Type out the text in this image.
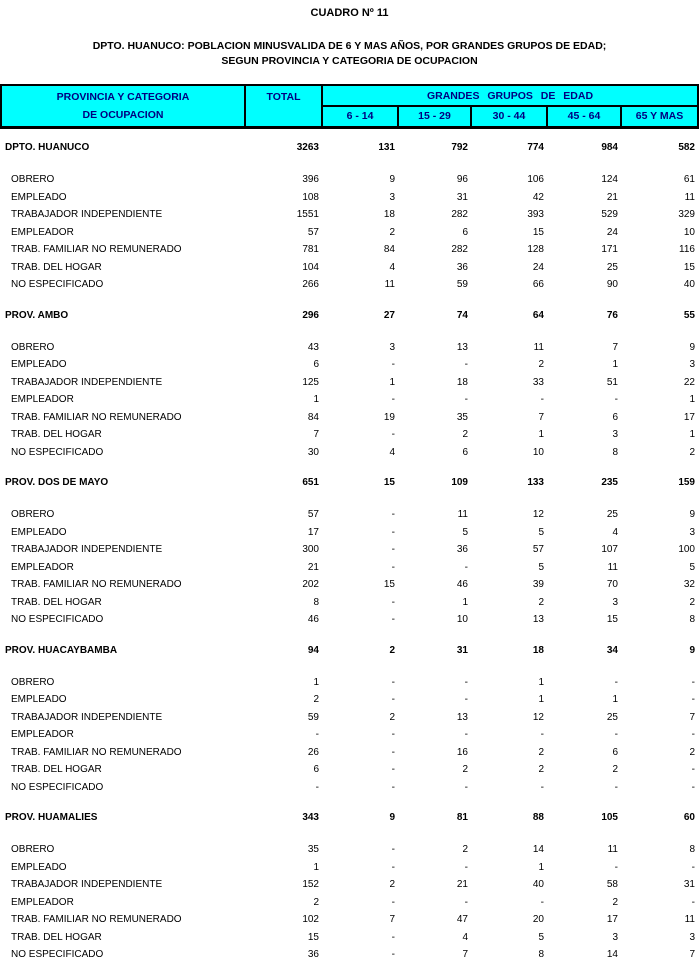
CUADRO Nº 11
DPTO. HUANUCO: POBLACION MINUSVALIDA DE 6 Y MAS AÑOS, POR GRANDES GRUPOS DE EDAD;
SEGUN PROVINCIA Y CATEGORIA DE OCUPACION
PROVINCIA Y CATEGORIA
DE OCUPACION
TOTAL	GRANDES GRUPOS DE EDAD
6 - 14	15 - 29	30 - 44	45 - 64	65 Y MAS
DPTO. HUANUCO	3263	131	792	774	984	582
OBRERO	396	9	96	106	124	61
EMPLEADO	108	3	31	42	21	11
TRABAJADOR INDEPENDIENTE	1551	18	282	393	529	329
EMPLEADOR	57	2	6	15	24	10
TRAB. FAMILIAR NO REMUNERADO	781	84	282	128	171	116
TRAB. DEL HOGAR	104	4	36	24	25	15
NO ESPECIFICADO	266	11	59	66	90	40
PROV. AMBO	296	27	74	64	76	55
OBRERO	43	3	13	11	7	9
EMPLEADO	6	-	-	2	1	3
TRABAJADOR INDEPENDIENTE	125	1	18	33	51	22
EMPLEADOR	1	-	-	-	-	1
TRAB. FAMILIAR NO REMUNERADO	84	19	35	7	6	17
TRAB. DEL HOGAR	7	-	2	1	3	1
NO ESPECIFICADO	30	4	6	10	8	2
PROV. DOS DE MAYO	651	15	109	133	235	159
OBRERO	57	-	11	12	25	9
EMPLEADO	17	-	5	5	4	3
TRABAJADOR INDEPENDIENTE	300	-	36	57	107	100
EMPLEADOR	21	-	-	5	11	5
TRAB. FAMILIAR NO REMUNERADO	202	15	46	39	70	32
TRAB. DEL HOGAR	8	-	1	2	3	2
NO ESPECIFICADO	46	-	10	13	15	8
PROV. HUACAYBAMBA	94	2	31	18	34	9
OBRERO	1	-	-	1	-	-
EMPLEADO	2	-	-	1	1	-
TRABAJADOR INDEPENDIENTE	59	2	13	12	25	7
EMPLEADOR	-	-	-	-	-	-
TRAB. FAMILIAR NO REMUNERADO	26	-	16	2	6	2
TRAB. DEL HOGAR	6	-	2	2	2	-
NO ESPECIFICADO	-	-	-	-	-	-
PROV. HUAMALIES	343	9	81	88	105	60
OBRERO	35	-	2	14	11	8
EMPLEADO	1	-	-	1	-	-
TRABAJADOR INDEPENDIENTE	152	2	21	40	58	31
EMPLEADOR	2	-	-	-	2	-
TRAB. FAMILIAR NO REMUNERADO	102	7	47	20	17	11
TRAB. DEL HOGAR	15	-	4	5	3	3
NO ESPECIFICADO	36	-	7	8	14	7
